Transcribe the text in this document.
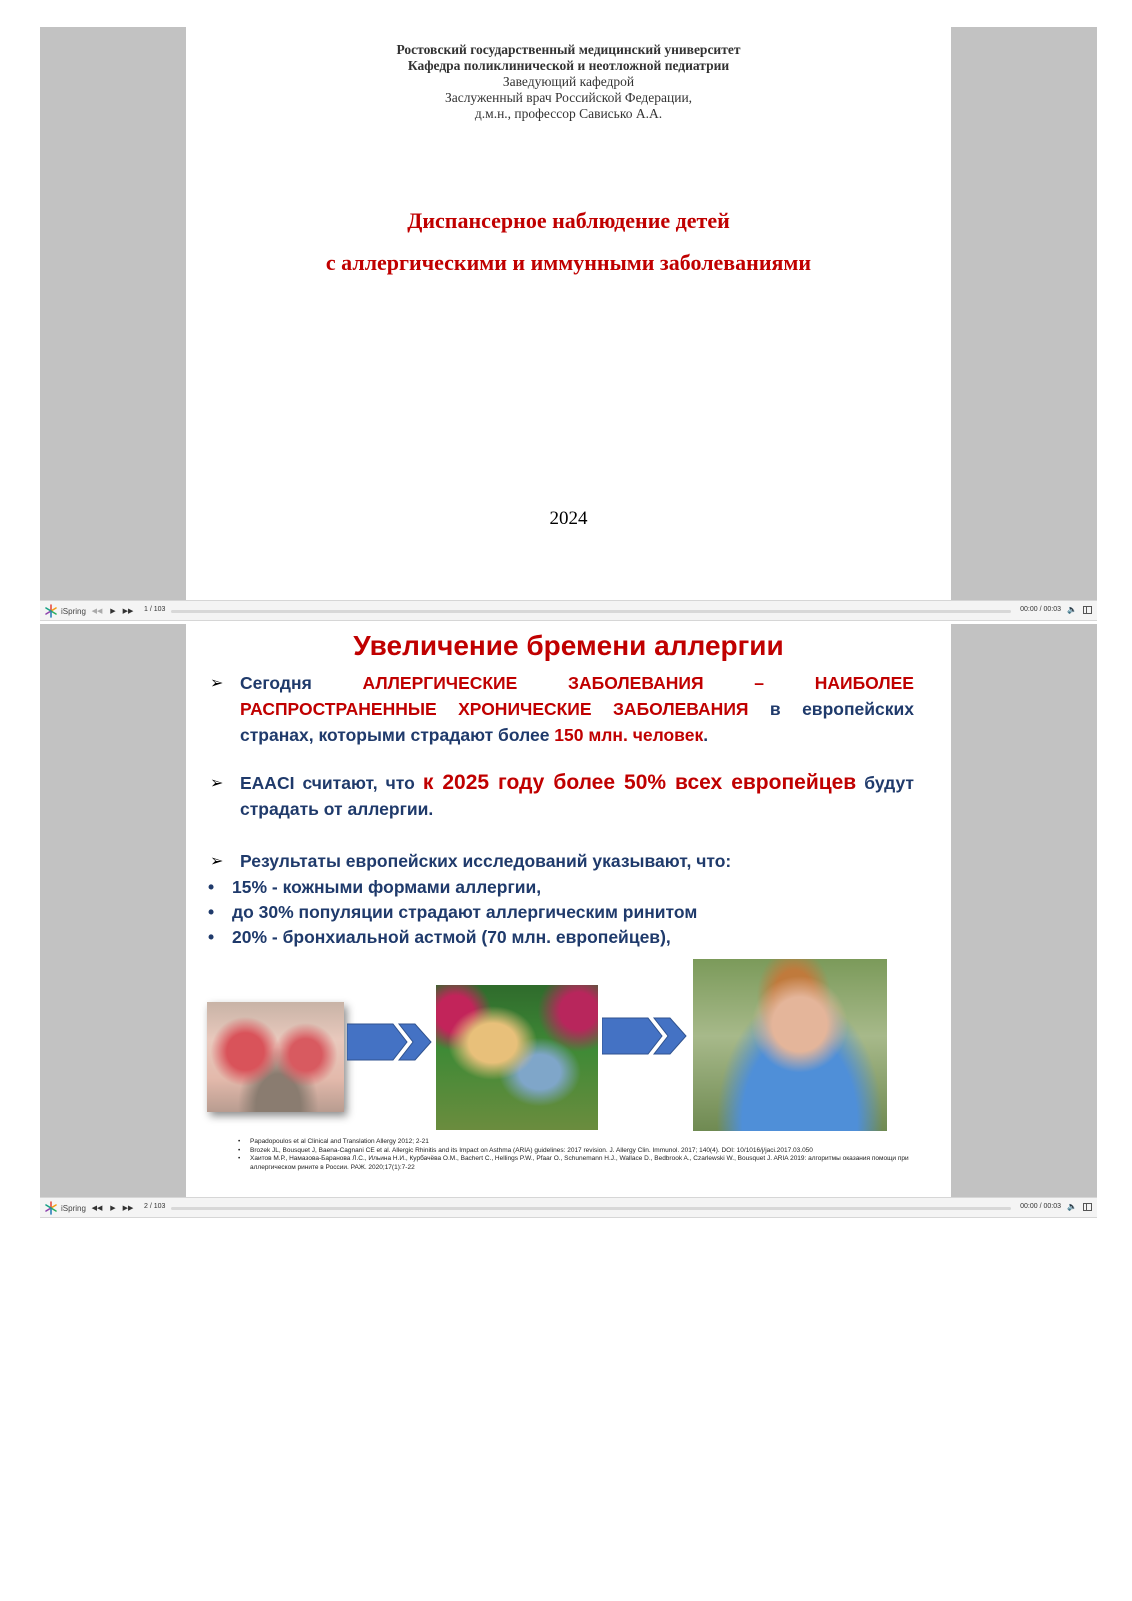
Ростовский государственный медицинский университет
Кафедра поликлинической и неотложной педиатрии
Заведующий кафедрой
Заслуженный врач Российской Федерации,
д.м.н., профессор Савиcько А.А.
Диспансерное наблюдение детей
с аллергическими и иммунными заболеваниями
2024
iSpring ◀◀	▶ ▶▶ 1 / 103	00:00 / 00:03 🔈
Увеличение бремени аллергии
➢ Сегодня	АЛЛЕРГИЧЕСКИЕ ЗАБОЛЕВАНИЯ – НАИБОЛЕЕ РАСПРОСТРАНЕННЫЕ ХРОНИЧЕСКИЕ ЗАБОЛЕВАНИЯ в европейских странах, которыми страдают более 150 млн. человек.
➢ EAACI считают, что к 2025 году более 50% всех европейцев будут страдать от аллергии.
➢ Результаты европейских исследований указывают, что:
• 15% - кожными формами аллергии,
• до 30% популяции страдают аллергическим ринитом
• 20% - бронхиальной астмой (70 млн. европейцев),
• Papadopoulos et al Clinical and Translation Allergy 2012; 2-21
• Brozek JL, Bousquet J, Baena-Cagnani CE et al. Allergic Rhinitis and its Impact on Asthma (ARIA) guidelines: 2017 revision. J. Allergy Clin. Immunol. 2017; 140(4). DOI: 10/1016/j/jaci.2017.03.050
• Хаитов М.Р., Намазова-Баранова Л.С., Ильина Н.И., Курбачёва О.М., Bachert C., Hellings P.W., Pfaar O., Schunemann H.J., Wallace D., Bedbrook A., Czarlewski W., Bousquet J. ARIA 2019: алгоритмы оказания помощи при аллергическом рините в России. РАЖ. 2020;17(1):7-22
iSpring ◀◀	▶ ▶▶ 2 / 103	00:00 / 00:03 🔈
